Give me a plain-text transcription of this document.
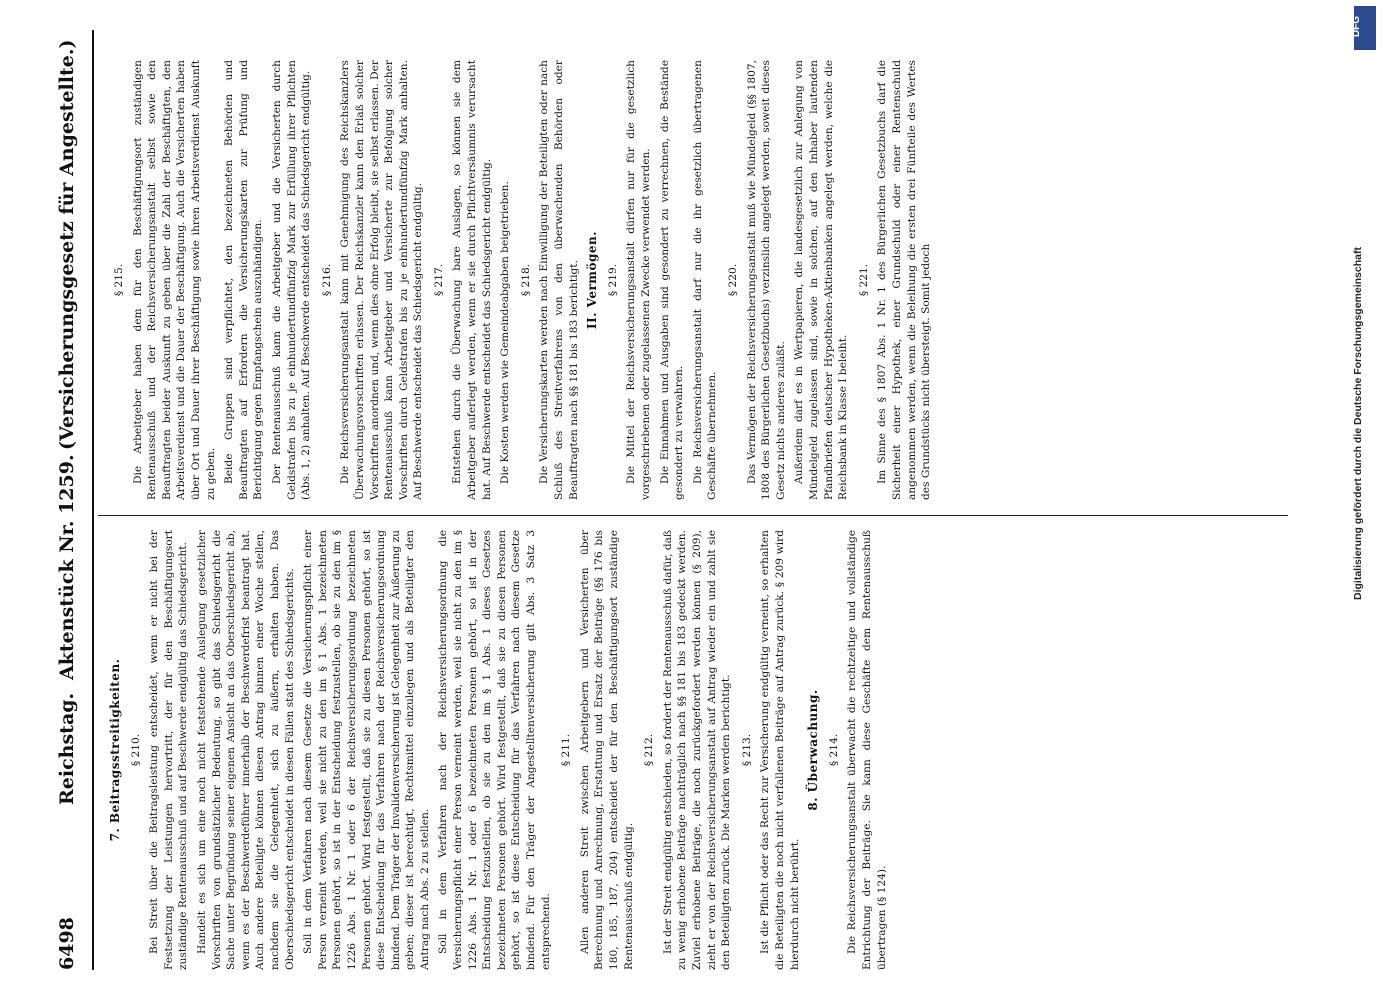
6498
Reichstag.
Aktenstück Nr. 1259.
(Versicherungsgesetz für Angestellte.)
7. Beitragsstreitigkeiten. § 210. Bei Streit über die Beitragsleistung entscheidet, wenn er nicht bei der Festsetzung der Leistungen hervortritt, der für den Beschäftigungsort zuständige Rentenausschuß und auf Beschwerde endgültig das Schiedsgericht. Handelt es sich um eine noch nicht feststehende Auslegung gesetzlicher Vorschriften von grundsätzlicher Bedeutung, so gibt das Schiedsgericht die Sache unter Begründung seiner eigenen Ansicht an das Oberschiedsgericht ab, wenn es der Beschwerdeführer innerhalb der Beschwerdefrist beantragt hat. Auch andere Beteiligte können diesen Antrag binnen einer Woche stellen, nachdem sie die Gelegenheit, sich zu äußern, erhalten haben. Das Oberschiedsgericht entscheidet in diesen Fällen statt des Schiedsgerichts. Soll in dem Verfahren nach diesem Gesetze die Versicherungspflicht einer Person verneint werden, weil sie nicht zu den im § 1 Abs. 1 bezeichneten Personen gehört, so ist in der Entscheidung festzustellen, ob sie zu den im § 1226 Abs. 1 Nr. 1 oder 6 der Reichsversicherungsordnung bezeichneten Personen gehört. Wird festgestellt, daß sie zu diesen Personen gehört, so ist diese Entscheidung für das Verfahren nach der Reichsversicherungsordnung bindend. Dem Träger der Invalidenversicherung ist Gelegenheit zur Äußerung zu geben; dieser ist berechtigt, Rechtsmittel einzulegen und als Beteiligter den Antrag nach Abs. 2 zu stellen. Soll in dem Verfahren nach der Reichsversicherungsordnung die Versicherungspflicht einer Person verneint werden, weil sie nicht zu den im § 1226 Abs. 1 Nr. 1 oder 6 bezeichneten Personen gehört, so ist in der Entscheidung festzustellen, ob sie zu den im § 1 Abs. 1 dieses Gesetzes bezeichneten Personen gehört. Wird festgestellt, daß sie zu diesen Personen gehört, so ist diese Entscheidung für das Verfahren nach diesem Gesetze bindend. Für den Träger der Angestelltenversicherung gilt Abs. 3 Satz 3 entsprechend.

§ 211. Allen anderen Streit zwischen Arbeitgebern und Versicherten über Berechnung und Anrechnung, Erstattung und Ersatz der Beiträge (§§ 176 bis 180, 185, 187, 204) entscheidet der für den Beschäftigungsort zuständige Rentenausschuß endgültig.

§ 212. Ist der Streit endgültig entschieden, so fordert der Rentenausschuß dafür, daß zu wenig erhobene Beiträge nachträglich nach §§ 181 bis 183 gedeckt werden. Zuviel erhobene Beiträge, die noch zurückgefordert werden können (§ 209), zieht er von der Reichsversicherungsanstalt auf Antrag wieder ein und zahlt sie den Beteiligten zurück. Die Marken werden berichtigt. § 213. Ist die Pflicht oder das Recht zur Versicherung endgültig verneint, so erhalten die Beteiligten die noch nicht verfallenen Beiträge auf Antrag zurück. § 209 wird hierdurch nicht berührt.

8. Überwachung. § 214. Die Reichsversicherungsanstalt überwacht die rechtzeitige und vollständige Entrichtung der Beiträge. Sie kann diese Geschäfte dem Rentenausschuß übertragen (§ 124).

§ 215. Die Arbeitgeber haben dem für den Beschäftigungsort zuständigen Rentenausschuß und der Reichsversicherungsanstalt selbst sowie den Beauftragten beider Auskunft zu geben über die Zahl der Beschäftigten, den Arbeitsverdienst und die Dauer der Beschäftigung. Auch die Versicherten haben über Ort und Dauer ihrer Beschäftigung sowie ihren Arbeitsverdienst Auskunft zu geben. Beide Gruppen sind verpflichtet, den bezeichneten Behörden und Beauftragten auf Erfordern die Versicherungskarten zur Prüfung und Berichtigung gegen Empfangschein auszuhändigen. Der Rentenausschuß kann die Arbeitgeber und die Versicherten durch Geldstrafen bis zu je einhundertundfünfzig Mark zur Erfüllung ihrer Pflichten (Abs. 1, 2) anhalten. Auf Beschwerde entscheidet das Schiedsgericht endgültig. § 216. Die Reichsversicherungsanstalt kann mit Genehmigung des Reichskanzlers Überwachungsvorschriften erlassen. Der Reichskanzler kann den Erlaß solcher Vorschriften anordnen und, wenn dies ohne Erfolg bleibt, sie selbst erlassen. Der Rentenausschuß kann Arbeitgeber und Versicherte zur Befolgung solcher Vorschriften durch Geldstrafen bis zu je einhundertundfünfzig Mark anhalten. Auf Beschwerde entscheidet das Schiedsgericht endgültig. § 217. Entstehen durch die Überwachung bare Auslagen, so können sie dem Arbeitgeber auferlegt werden, wenn er sie durch Pflichtversäumnis verursacht hat. Auf Beschwerde entscheidet das Schiedsgericht endgültig. Die Kosten werden wie Gemeindeabgaben beigetrieben. § 218. Die Versicherungskarten werden nach Einwilligung der Beteiligten oder nach Schluß des Streitverfahrens von den überwachenden Behörden oder Beauftragten nach §§ 181 bis 183 berichtigt. II. Vermögen. § 219. Die Mittel der Reichsversicherungsanstalt dürfen nur für die gesetzlich vorgeschriebenen oder zugelassenen Zwecke verwendet werden. Die Einnahmen und Ausgaben sind gesondert zu verrechnen, die Bestände gesondert zu verwahren. Die Reichsversicherungsanstalt darf nur die ihr gesetzlich übertragenen Geschäfte übernehmen.

§ 220. Das Vermögen der Reichsversicherungsanstalt muß wie Mündelgeld (§§ 1807, 1808 des Bürgerlichen Gesetzbuchs) verzinslich angelegt werden, soweit dieses Gesetz nichts anderes zuläßt. Außerdem darf es in Wertpapieren, die landesgesetzlich zur Anlegung von Mündelgeld zugelassen sind, sowie in solchen, auf den Inhaber lautenden Pfandbriefen deutscher Hypotheken-Aktienbanken angelegt werden, welche die Reichsbank in Klasse I beleiht.

§ 221. Im Sinne des § 1807 Abs. 1 Nr. 1 des Bürgerlichen Gesetzbuchs darf die Sicherheit einer Hypothek, einer Grundschuld oder einer Rentenschuld angenommen werden, wenn die Beleihung die ersten drei Fünfteile des Wertes des Grundstücks nicht übersteigt. Somit jedoch

DFG
Digitalisierung gefördert durch die Deutsche Forschungsgemeinschaft
